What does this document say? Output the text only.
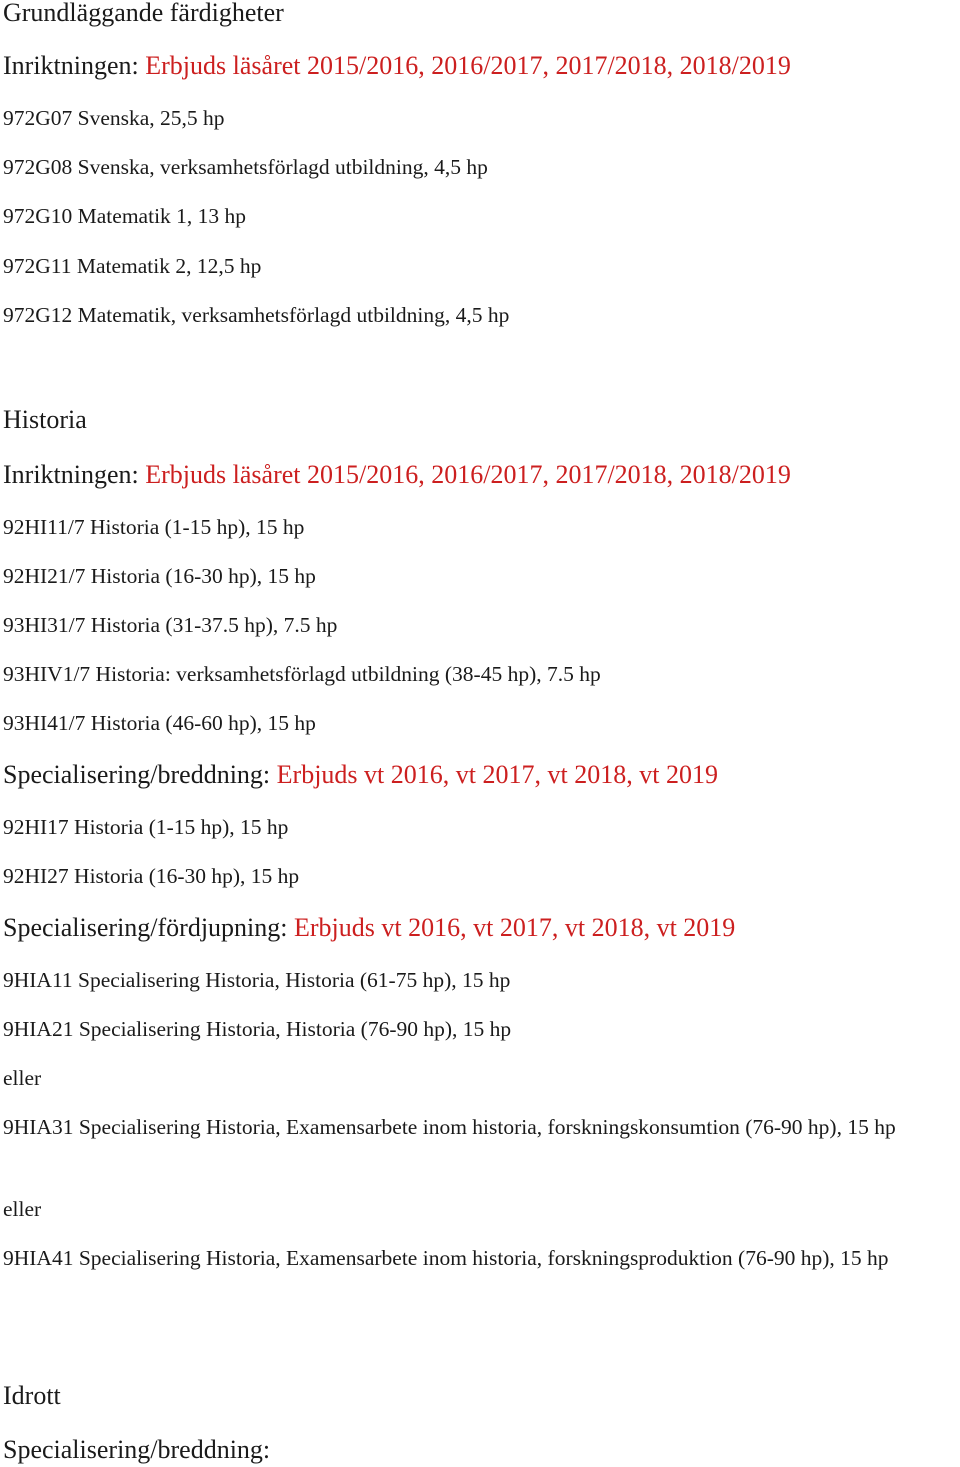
Grundläggande färdigheter
Inriktningen: Erbjuds läsåret 2015/2016, 2016/2017, 2017/2018, 2018/2019
972G07 Svenska, 25,5 hp
972G08 Svenska, verksamhetsförlagd utbildning, 4,5 hp
972G10 Matematik 1, 13 hp
972G11 Matematik 2, 12,5 hp
972G12 Matematik, verksamhetsförlagd utbildning, 4,5 hp
Historia
Inriktningen: Erbjuds läsåret 2015/2016, 2016/2017, 2017/2018, 2018/2019
92HI11/7 Historia (1-15 hp), 15 hp
92HI21/7 Historia (16-30 hp), 15 hp
93HI31/7 Historia (31-37.5 hp), 7.5 hp
93HIV1/7 Historia: verksamhetsförlagd utbildning (38-45 hp), 7.5 hp
93HI41/7 Historia (46-60 hp), 15 hp
Specialisering/breddning: Erbjuds vt 2016, vt 2017, vt 2018, vt 2019
92HI17 Historia (1-15 hp), 15 hp
92HI27 Historia (16-30 hp), 15 hp
Specialisering/fördjupning: Erbjuds vt 2016, vt 2017, vt 2018, vt 2019
9HIA11 Specialisering Historia, Historia (61-75 hp), 15 hp
9HIA21 Specialisering Historia, Historia (76-90 hp), 15 hp
eller
9HIA31 Specialisering Historia, Examensarbete inom historia, forskningskonsumtion (76-90 hp), 15 hp
eller
9HIA41 Specialisering Historia, Examensarbete inom historia, forskningsproduktion (76-90 hp), 15 hp
Idrott
Specialisering/breddning:
